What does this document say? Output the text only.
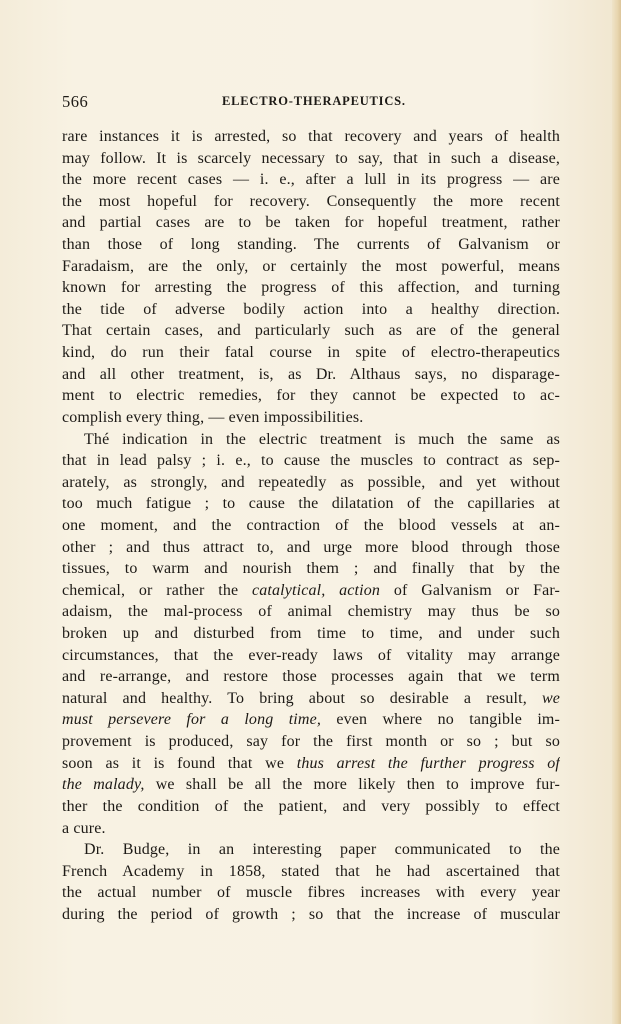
566	ELECTRO-THERAPEUTICS.
rare instances it is arrested, so that recovery and years of health
may follow. It is scarcely necessary to say, that in such a disease,
the more recent cases — i. e., after a lull in its progress — are
the most hopeful for recovery. Consequently the more recent
and partial cases are to be taken for hopeful treatment, rather
than those of long standing. The currents of Galvanism or
Faradaism, are the only, or certainly the most powerful, means
known for arresting the progress of this affection, and turning
the tide of adverse bodily action into a healthy direction.
That certain cases, and particularly such as are of the general
kind, do run their fatal course in spite of electro-therapeutics
and all other treatment, is, as Dr. Althaus says, no disparage-
ment to electric remedies, for they cannot be expected to ac-
complish every thing, — even impossibilities.
Thé indication in the electric treatment is much the same as
that in lead palsy ; i. e., to cause the muscles to contract as sep-
arately, as strongly, and repeatedly as possible, and yet without
too much fatigue ; to cause the dilatation of the capillaries at
one moment, and the contraction of the blood vessels at an-
other ; and thus attract to, and urge more blood through those
tissues, to warm and nourish them ; and finally that by the
chemical, or rather the catalytical, action of Galvanism or Far-
adaism, the mal-process of animal chemistry may thus be so
broken up and disturbed from time to time, and under such
circumstances, that the ever-ready laws of vitality may arrange
and re-arrange, and restore those processes again that we term
natural and healthy. To bring about so desirable a result, we
must persevere for a long time, even where no tangible im-
provement is produced, say for the first month or so ; but so
soon as it is found that we thus arrest the further progress of
the malady, we shall be all the more likely then to improve fur-
ther the condition of the patient, and very possibly to effect
a cure.
Dr. Budge, in an interesting paper communicated to the
French Academy in 1858, stated that he had ascertained that
the actual number of muscle fibres increases with every year
during the period of growth ; so that the increase of muscular
